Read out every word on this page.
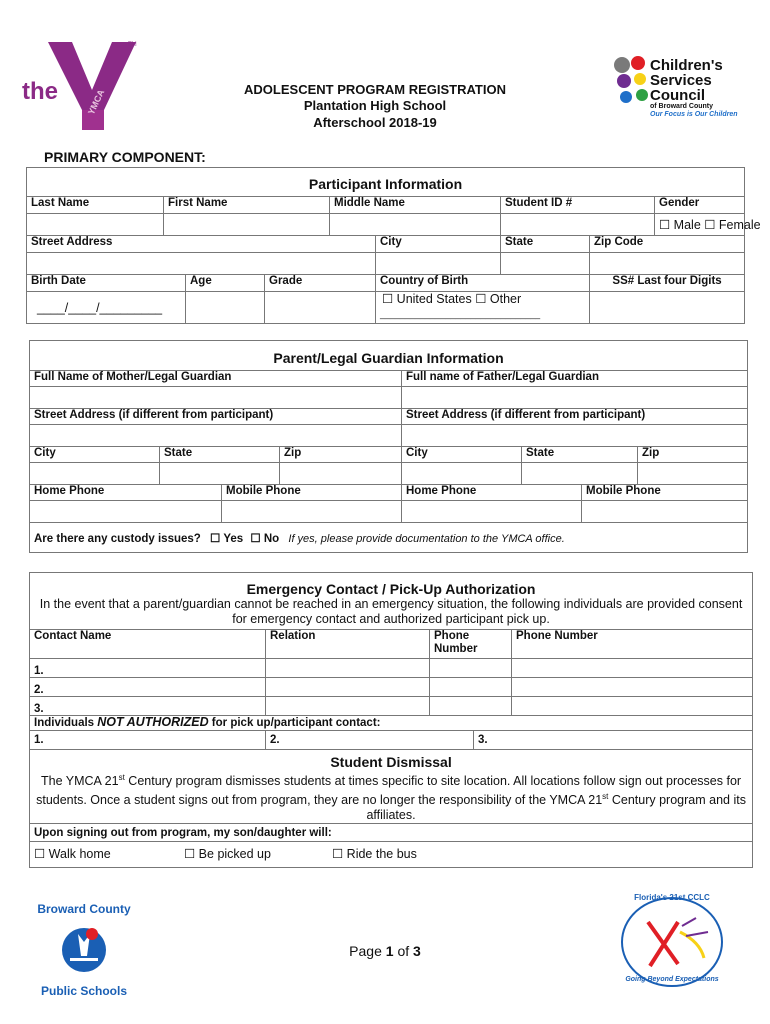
the
TM
YMCA	ADOLESCENT PROGRAM REGISTRATION
Plantation High School
Afterschool 2018-19
Children's
Services
Council
of Broward County
Our Focus is Our Children
PRIMARY COMPONENT:
Participant Information								
Last Name	First Name			Middle Name		Student ID #		Gender
								☐ Male ☐ Female
Street Address					City	State	Zip Code	

Birth Date		Age	Grade		Country of Birth		SS# Last four Digits	
____/____/_________					☐ United States ☐ Other
________________________________			

Parent/Legal Guardian Information							
Full Name of Mother/Legal Guardian				Full name of Father/Legal Guardian			

Street Address (if different from participant)				Street Address (if different from participant)			

City	State		Zip	City	State		Zip

Home Phone		Mobile Phone		Home Phone		Mobile Phone	

Are there any custody issues? ☐ Yes ☐ No If yes, please provide documentation to the YMCA office.							
Emergency Contact / Pick-Up Authorization
In the event that a parent/guardian cannot be reached in an emergency situation, the following individuals are provided consent for emergency contact and authorized participant pick up.				

Contact Name	Relation	Phone Number		Phone Number
1.				
2.				
3.				
Individuals NOT AUTHORIZED for pick up/participant contact:				
1.	2.		3.	

Student Dismissal
The YMCA 21st Century program dismisses students at times specific to site location. All locations follow sign out processes for students. Once a student signs out from program, they are no longer the responsibility of the YMCA 21st Century program and its affiliates.				

Upon signing out from program, my son/daughter will:				
☐ Walk home ☐ Be picked up ☐ Ride the bus				
Broward County
Public Schools
Page 1 of 3
Florida's 21st CCLC
Going Beyond Expectations
